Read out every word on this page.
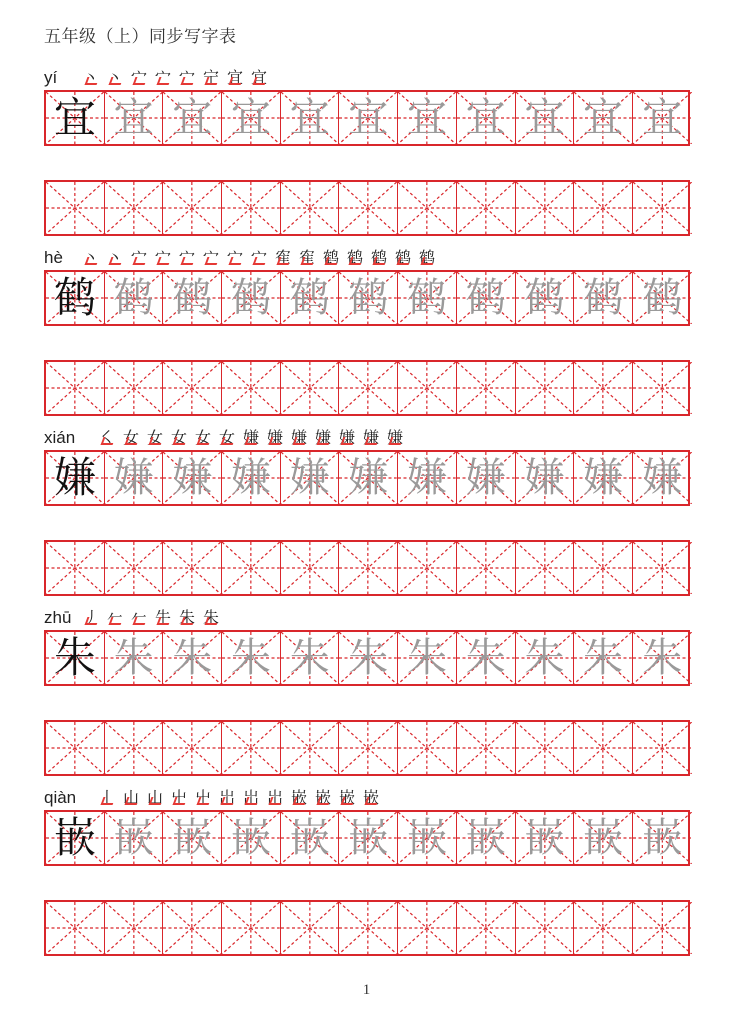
五年级（上）同步写字表
yí 丶 丶 宀 宀 宀 宁 宜 宜
宜 宜 宜 宜 宜 宜 宜 宜 宜 宜 宜
hè 丶 丶 宀 宀 宀 宀 宀 宀 隺 隺 鹤 鹤 鹤 鹤 鹤
鹤 鹤 鹤 鹤 鹤 鹤 鹤 鹤 鹤 鹤 鹤
xián ㇛ 女 女 女 女 女 嫌 嫌 嫌 嫌 嫌 嫌 嫌
嫌 嫌 嫌 嫌 嫌 嫌 嫌 嫌 嫌 嫌 嫌
zhū 丿 𠂉 𠂉 牛 朱 朱
朱 朱 朱 朱 朱 朱 朱 朱 朱 朱 朱
qiàn 丨 山 山 屮 屮 岀 岀 岀 嵌 嵌 嵌 嵌
嵌 嵌 嵌 嵌 嵌 嵌 嵌 嵌 嵌 嵌 嵌
1
